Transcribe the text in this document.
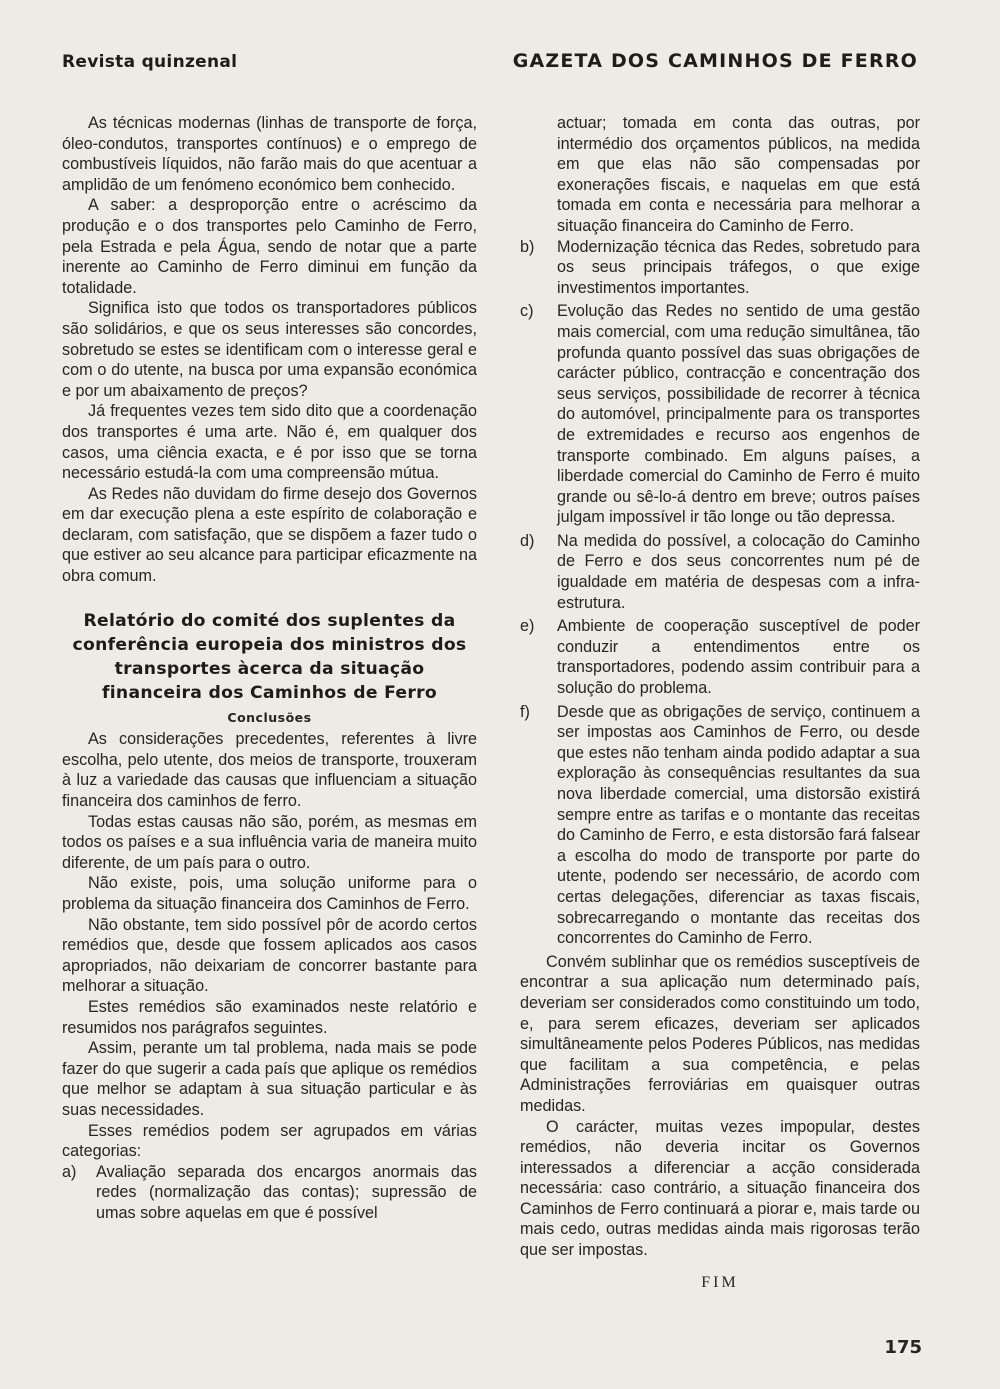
Revista quinzenal	GAZETA DOS CAMINHOS DE FERRO

As técnicas modernas (linhas de transporte de força, óleo-condutos, transportes contínuos) e o emprego de combustíveis líquidos, não farão mais do que acentuar a amplidão de um fenómeno económico bem conhecido.

A saber: a desproporção entre o acréscimo da produção e o dos transportes pelo Caminho de Ferro, pela Estrada e pela Água, sendo de notar que a parte inerente ao Caminho de Ferro diminui em função da totalidade.

Significa isto que todos os transportadores públicos são solidários, e que os seus interesses são concordes, sobretudo se estes se identificam com o interesse geral e com o do utente, na busca por uma expansão económica e por um abaixamento de preços?

Já frequentes vezes tem sido dito que a coordenação dos transportes é uma arte. Não é, em qualquer dos casos, uma ciência exacta, e é por isso que se torna necessário estudá-la com uma compreensão mútua.

As Redes não duvidam do firme desejo dos Governos em dar execução plena a este espírito de colaboração e declaram, com satisfação, que se dispõem a fazer tudo o que estiver ao seu alcance para participar eficazmente na obra comum.

Relatório do comité dos suplentes da conferência europeia dos ministros dos transportes àcerca da situação financeira dos Caminhos de Ferro
Conclusões

As considerações precedentes, referentes à livre escolha, pelo utente, dos meios de transporte, trouxeram à luz a variedade das causas que influenciam a situação financeira dos caminhos de ferro.

Todas estas causas não são, porém, as mesmas em todos os países e a sua influência varia de maneira muito diferente, de um país para o outro.

Não existe, pois, uma solução uniforme para o problema da situação financeira dos Caminhos de Ferro.

Não obstante, tem sido possível pôr de acordo certos remédios que, desde que fossem aplicados aos casos apropriados, não deixariam de concorrer bastante para melhorar a situação.

Estes remédios são examinados neste relatório e resumidos nos parágrafos seguintes.

Assim, perante um tal problema, nada mais se pode fazer do que sugerir a cada país que aplique os remédios que melhor se adaptam à sua situação particular e às suas necessidades.

Esses remédios podem ser agrupados em várias categorias:

a)	Avaliação separada dos encargos anormais das redes (normalização das contas); supressão de umas sobre aquelas em que é possível

actuar; tomada em conta das outras, por intermédio dos orçamentos públicos, na medida em que elas não são compensadas por exonerações fiscais, e naquelas em que está tomada em conta e necessária para melhorar a situação financeira do Caminho de Ferro.

b)	Modernização técnica das Redes, sobretudo para os seus principais tráfegos, o que exige investimentos importantes.
c)	Evolução das Redes no sentido de uma gestão mais comercial, com uma redução simultânea, tão profunda quanto possível das suas obrigações de carácter público, contracção e concentração dos seus serviços, possibilidade de recorrer à técnica do automóvel, principalmente para os transportes de extremidades e recurso aos engenhos de transporte combinado. Em alguns países, a liberdade comercial do Caminho de Ferro é muito grande ou sê-lo-á dentro em breve; outros países julgam impossível ir tão longe ou tão depressa.
d)	Na medida do possível, a colocação do Caminho de Ferro e dos seus concorrentes num pé de igualdade em matéria de despesas com a infra-estrutura.
e)	Ambiente de cooperação susceptível de poder conduzir a entendimentos entre os transportadores, podendo assim contribuir para a solução do problema.
f)	Desde que as obrigações de serviço, continuem a ser impostas aos Caminhos de Ferro, ou desde que estes não tenham ainda podido adaptar a sua exploração às consequências resultantes da sua nova liberdade comercial, uma distorsão existirá sempre entre as tarifas e o montante das receitas do Caminho de Ferro, e esta distorsão fará falsear a escolha do modo de transporte por parte do utente, podendo ser necessário, de acordo com certas delegações, diferenciar as taxas fiscais, sobrecarregando o montante das receitas dos concorrentes do Caminho de Ferro.

Convém sublinhar que os remédios susceptíveis de encontrar a sua aplicação num determinado país, deveriam ser considerados como constituindo um todo, e, para serem eficazes, deveriam ser aplicados simultâneamente pelos Poderes Públicos, nas medidas que facilitam a sua competência, e pelas Administrações ferroviárias em quaisquer outras medidas.

O carácter, muitas vezes impopular, destes remédios, não deveria incitar os Governos interessados a diferenciar a acção considerada necessária: caso contrário, a situação financeira dos Caminhos de Ferro continuará a piorar e, mais tarde ou mais cedo, outras medidas ainda mais rigorosas terão que ser impostas.

FIM
175
